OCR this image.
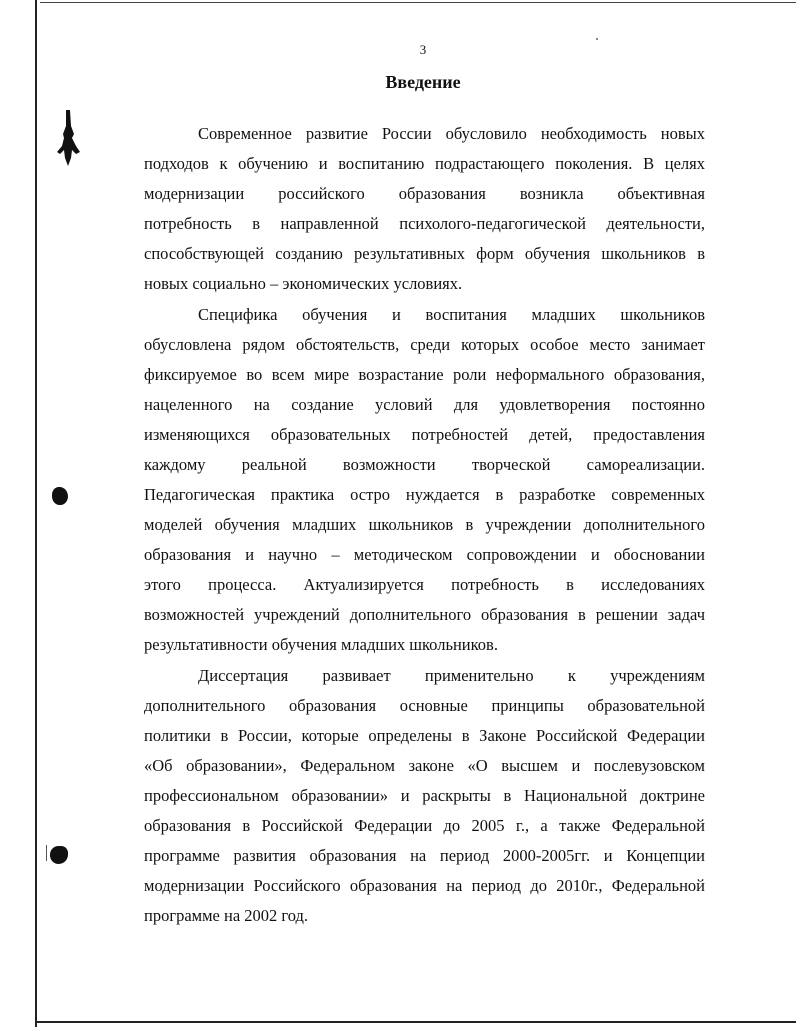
3
Введение
Современное развитие России обусловило необходимость новых
подходов к обучению и воспитанию подрастающего поколения. В целях
модернизации российского образования возникла объективная
потребность в направленной психолого-педагогической деятельности,
способствующей созданию результативных форм обучения школьников в
новых социально – экономических условиях.
Специфика обучения и воспитания младших школьников
обусловлена рядом обстоятельств, среди которых особое место занимает
фиксируемое во всем мире возрастание роли неформального образования,
нацеленного на создание условий для удовлетворения постоянно
изменяющихся образовательных потребностей детей, предоставления
каждому реальной возможности творческой самореализации.
Педагогическая практика остро нуждается в разработке современных
моделей обучения младших школьников в учреждении дополнительного
образования и научно – методическом сопровождении и обосновании
этого процесса. Актуализируется потребность в исследованиях
возможностей учреждений дополнительного образования в решении задач
результативности обучения младших школьников.
Диссертация развивает применительно к учреждениям
дополнительного образования основные принципы образовательной
политики в России, которые определены в Законе Российской Федерации
«Об образовании», Федеральном законе «О высшем и послевузовском
профессиональном образовании» и раскрыты в Национальной доктрине
образования в Российской Федерации до 2005 г., а также Федеральной
программе развития образования на период 2000-2005гг. и Концепции
модернизации Российского образования на период до 2010г., Федеральной
программе на 2002 год.
